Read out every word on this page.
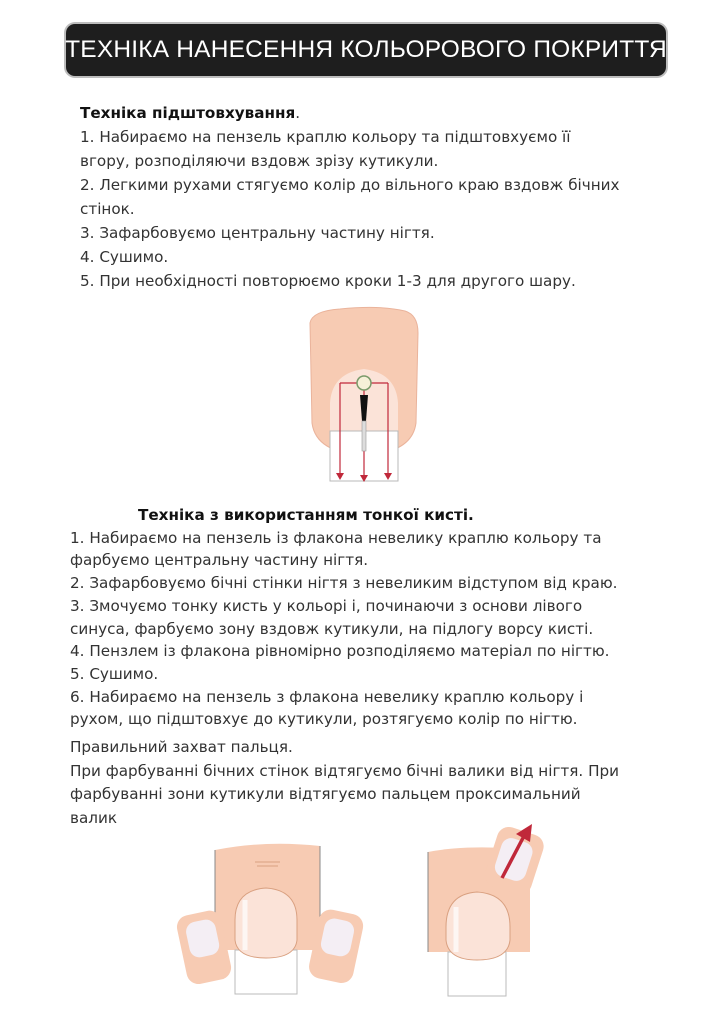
ТЕХНІКА НАНЕСЕННЯ КОЛЬОРОВОГО ПОКРИТТЯ

Техніка підштовхування.

1. Набираємо на пензель краплю кольору та підштовхуємо її

вгору, розподіляючи вздовж зрізу кутикули.

2. Легкими рухами стягуємо колір до вільного краю вздовж бічних

стінок.

3. Зафарбовуємо центральну частину нігтя.

4. Сушимо.

5. При необхідності повторюємо кроки 1-3 для другого шару.

Техніка з використанням тонкої кисті.

1. Набираємо на пензель із флакона невелику краплю кольору та

фарбуємо центральну частину нігтя.

2. Зафарбовуємо бічні стінки нігтя з невеликим відступом від краю.

3. Змочуємо тонку кисть у кольорі і, починаючи з основи лівого

синуса, фарбуємо зону вздовж кутикули, на підлогу ворсу кисті.

4. Пензлем із флакона рівномірно розподіляємо матеріал по нігтю.

5. Сушимо.

6. Набираємо на пензель з флакона невелику краплю кольору і

рухом, що підштовхує до кутикули, розтягуємо колір по нігтю.

Правильний захват пальця.

При фарбуванні бічних стінок відтягуємо бічні валики від нігтя. При

фарбуванні зони кутикули відтягуємо пальцем проксимальний

валик
